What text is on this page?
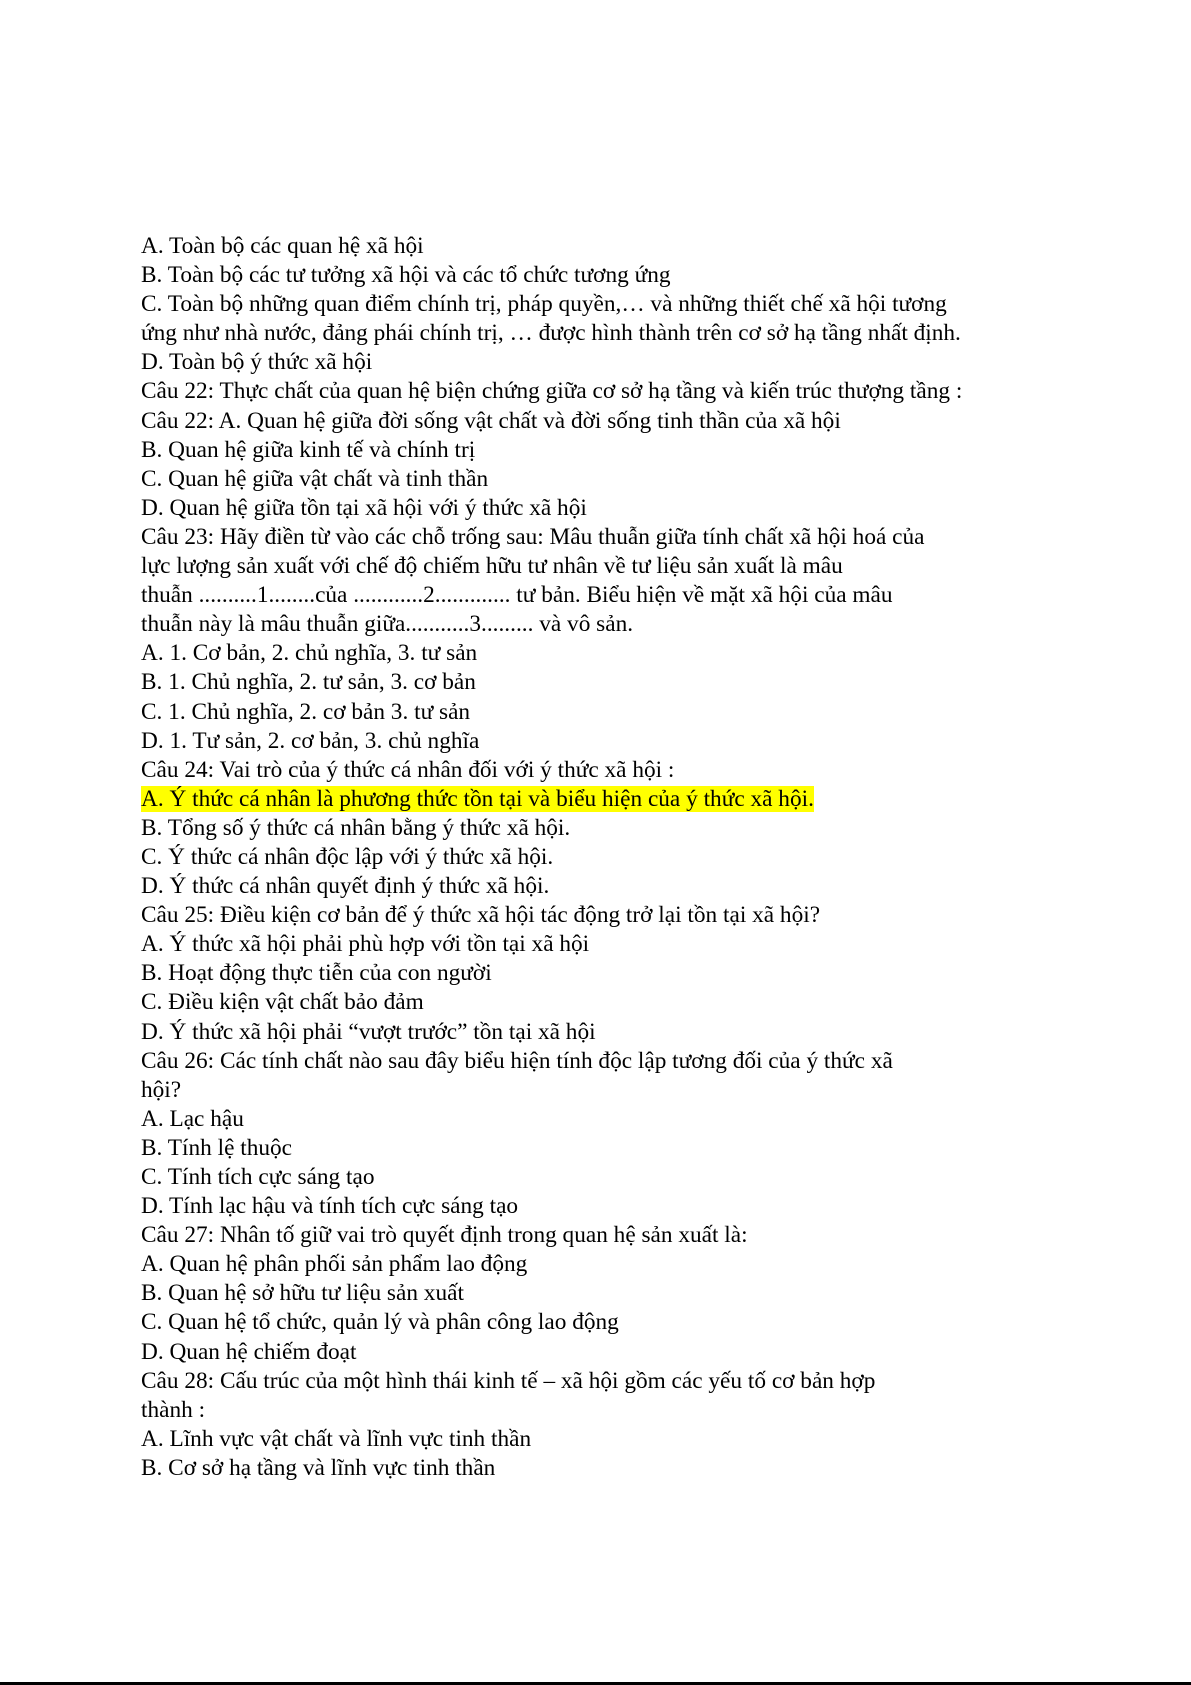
A. Toàn bộ các quan hệ xã hội
B. Toàn bộ các tư tưởng xã hội và các tổ chức tương ứng
C. Toàn bộ những quan điểm chính trị, pháp quyền,… và những thiết chế xã hội tương
ứng như nhà nước, đảng phái chính trị, … được hình thành trên cơ sở hạ tầng nhất định.
D. Toàn bộ ý thức xã hội
Câu 22: Thực chất của quan hệ biện chứng giữa cơ sở hạ tầng và kiến trúc thượng tầng :
Câu 22: A. Quan hệ giữa đời sống vật chất và đời sống tinh thần của xã hội
B. Quan hệ giữa kinh tế và chính trị
C. Quan hệ giữa vật chất và tinh thần
D. Quan hệ giữa tồn tại xã hội với ý thức xã hội
Câu 23: Hãy điền từ vào các chỗ trống sau: Mâu thuẫn giữa tính chất xã hội hoá của
lực lượng sản xuất với chế độ chiếm hữu tư nhân về tư liệu sản xuất là mâu
thuẫn ..........1........của ............2............. tư bản. Biểu hiện về mặt xã hội của mâu
thuẫn này là mâu thuẫn giữa...........3......... và vô sản.
A. 1. Cơ bản, 2. chủ nghĩa, 3. tư sản
B. 1. Chủ nghĩa, 2. tư sản, 3. cơ bản
C. 1. Chủ nghĩa, 2. cơ bản 3. tư sản
D. 1. Tư sản, 2. cơ bản, 3. chủ nghĩa
Câu 24: Vai trò của ý thức cá nhân đối với ý thức xã hội :
A. Ý thức cá nhân là phương thức tồn tại và biểu hiện của ý thức xã hội.
B. Tổng số ý thức cá nhân bằng ý thức xã hội.
C. Ý thức cá nhân độc lập với ý thức xã hội.
D. Ý thức cá nhân quyết định ý thức xã hội.
Câu 25: Điều kiện cơ bản để ý thức xã hội tác động trở lại tồn tại xã hội?
A. Ý thức xã hội phải phù hợp với tồn tại xã hội
B. Hoạt động thực tiễn của con người
C. Điều kiện vật chất bảo đảm
D. Ý thức xã hội phải “vượt trước” tồn tại xã hội
Câu 26: Các tính chất nào sau đây biểu hiện tính độc lập tương đối của ý thức xã
hội?
A. Lạc hậu
B. Tính lệ thuộc
C. Tính tích cực sáng tạo
D. Tính lạc hậu và tính tích cực sáng tạo
Câu 27: Nhân tố giữ vai trò quyết định trong quan hệ sản xuất là:
A. Quan hệ phân phối sản phẩm lao động
B. Quan hệ sở hữu tư liệu sản xuất
C. Quan hệ tổ chức, quản lý và phân công lao động
D. Quan hệ chiếm đoạt
Câu 28: Cấu trúc của một hình thái kinh tế – xã hội gồm các yếu tố cơ bản hợp
thành :
A. Lĩnh vực vật chất và lĩnh vực tinh thần
B. Cơ sở hạ tầng và lĩnh vực tinh thần
